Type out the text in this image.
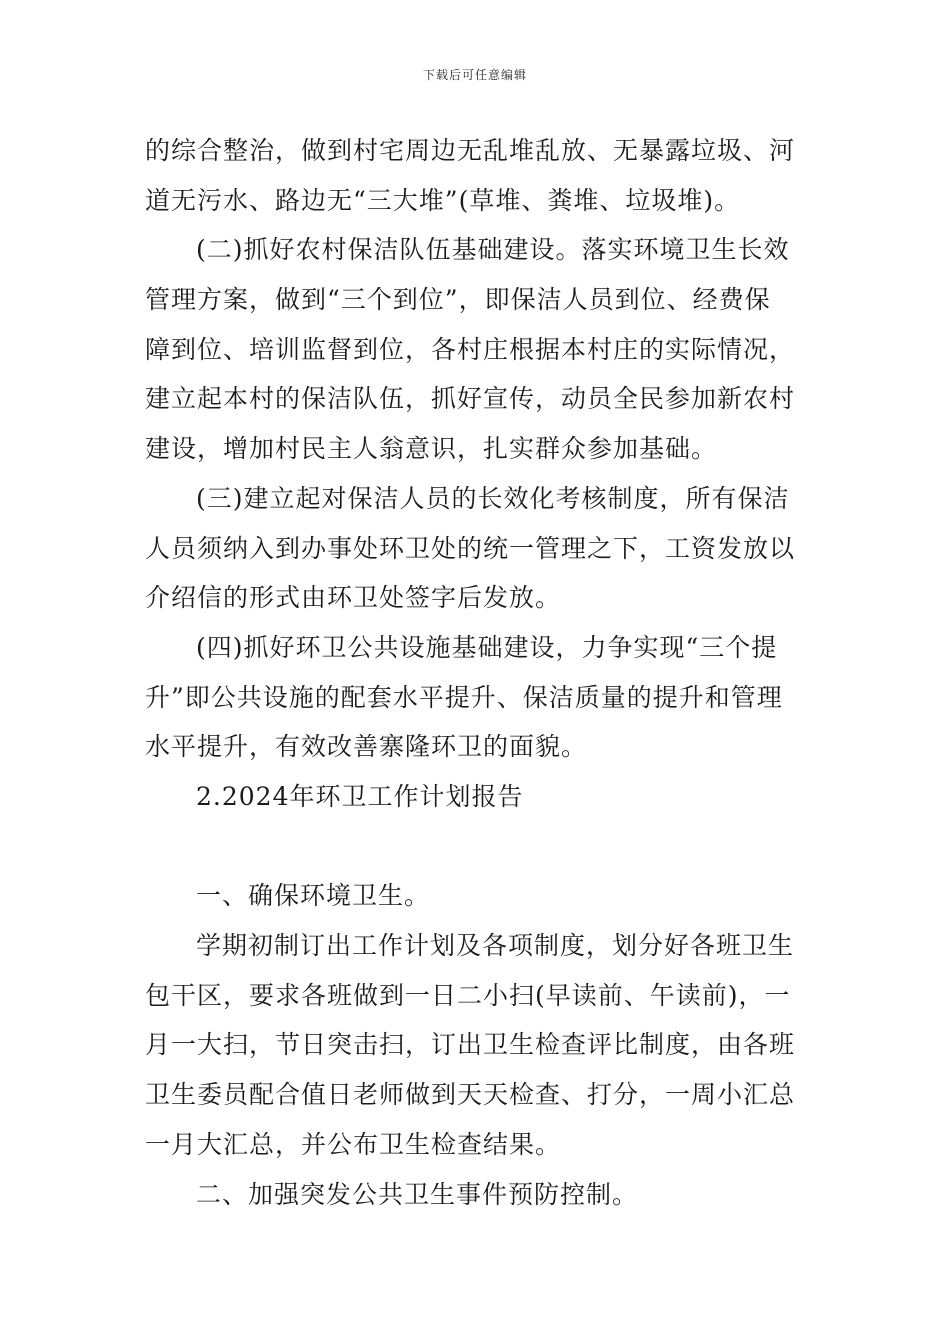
下载后可任意编辑
的综合整治，做到村宅周边无乱堆乱放、无暴露垃圾、河
道无污水、路边无“三大堆”(草堆、粪堆、垃圾堆)。
(二)抓好农村保洁队伍基础建设。落实环境卫生长效
管理方案，做到“三个到位”，即保洁人员到位、经费保
障到位、培训监督到位，各村庄根据本村庄的实际情况，
建立起本村的保洁队伍，抓好宣传，动员全民参加新农村
建设，增加村民主人翁意识，扎实群众参加基础。
(三)建立起对保洁人员的长效化考核制度，所有保洁
人员须纳入到办事处环卫处的统一管理之下，工资发放以
介绍信的形式由环卫处签字后发放。
(四)抓好环卫公共设施基础建设，力争实现“三个提
升”即公共设施的配套水平提升、保洁质量的提升和管理
水平提升，有效改善寨隆环卫的面貌。
2.2024年环卫工作计划报告
一、确保环境卫生。
学期初制订出工作计划及各项制度，划分好各班卫生
包干区，要求各班做到一日二小扫(早读前、午读前)，一
月一大扫，节日突击扫，订出卫生检查评比制度，由各班
卫生委员配合值日老师做到天天检查、打分，一周小汇总
一月大汇总，并公布卫生检查结果。
二、加强突发公共卫生事件预防控制。
